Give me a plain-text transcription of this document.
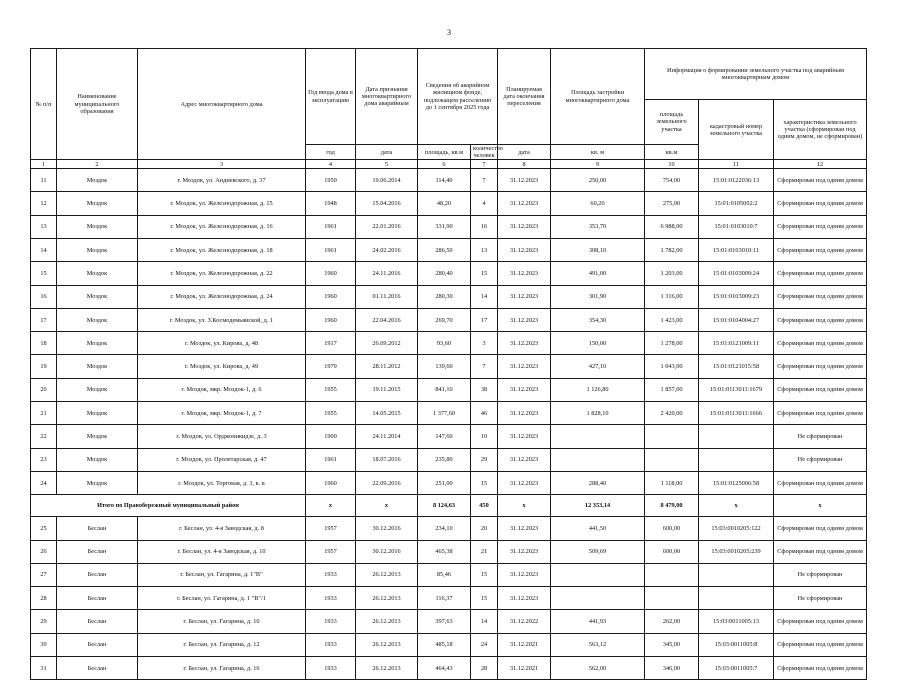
3
№ п/п	Наименование муниципального образования	Адрес многоквартирного дома	Год ввода дома в эксплуатацию	Дата признания многоквартирного дома аварийным	Сведения об аварийном жилищном фонде, подлежащем расселению до 1 сентября 2025 года		Планируемая дата окончания переселения	Площадь застройки многоквартирного дома	Информация о формировании земельного участка под аварийным многоквартирным домом		
									площадь земельного участка	кадастровый номер земельного участка	характеристика земельного участка (сформирован под одним домом, не сформирован)
			год	дата	площадь, кв.м	количество человек	дата	кв. м	кв.м		
1	2	3	4	5	6	7	8	9	10	11	12
11	Моздок	г. Моздок, ул. Андиевского, д. 37	1950	19.06.2014	114,40	7	31.12.2023	250,00	754,00	15:01:0122036:13	Сформирован под одним домом
12	Моздок	г. Моздок, ул. Железнодорожная, д. 15	1948	15.04.2016	48,20	4	31.12.2023	60,20	275,00	15:01:0105002:2	Сформирован под одним домом
13	Моздок	г. Моздок, ул. Железнодорожная, д. 16	1961	22.01.2016	331,90	16	31.12.2023	353,70	6 988,00	15:01:0103010:7	Сформирован под одним домом
14	Моздок	г. Моздок, ул. Железнодорожная, д. 18	1961	24.02.2016	286,50	13	31.12.2023	308,10	1 782,00	15:01:0103010:11	Сформирован под одним домом
15	Моздок	г. Моздок, ул. Железнодорожная, д. 22	1960	24.11.2016	280,40	15	31.12.2023	491,00	1 203,00	15:01:0103009:24	Сформирован под одним домом
16	Моздок	г. Моздок, ул. Железнодорожная, д. 24	1960	01.11.2016	280,30	14	31.12.2023	301,90	1 316,00	15:01:0103009:23	Сформирован под одним домом
17	Моздок	г. Моздок, ул. З.Космодемьянской, д. 1	1960	22.04.2016	269,70	17	31.12.2023	354,30	1 423,00	15:01:0104004:27	Сформирован под одним домом
18	Моздок	г. Моздок, ул. Кирова, д. 48	1917	26.09.2012	93,60	3	31.12.2023	150,00	1 278,00	15:01:0121009:11	Сформирован под одним домом
19	Моздок	г. Моздок, ул. Кирова, д. 49	1979	28.11.2012	139,60	7	31.12.2023	427,10	1 043,00	15:01:0121015:58	Сформирован под одним домом
20	Моздок	г. Моздок, мкр. Моздок-1, д. 6	1955	19.11.2015	841,10	38	31.12.2023	1 126,80	1 857,00	15:01:0113011:1679	Сформирован под одним домом
21	Моздок	г. Моздок, мкр. Моздок-1, д. 7	1955	14.05.2015	1 377,60	46	31.12.2023	1 828,10	2 420,00	15:01:0113011:1666	Сформирован под одним домом
22	Моздок	г. Моздок, ул. Орджоникидзе, д. 3	1900	24.11.2014	147,60	10	31.12.2023				Не сформирован
23	Моздок	г. Моздок, ул. Пролетарская, д. 47	1961	18.07.2016	235,80	29	31.12.2023				Не сформирован
24	Моздок	г. Моздок, ул. Торговая, д. 3, к. в	1960	22.09.2016	251,00	15	31.12.2023	288,40	1 118,00	15:01:0125006:58	Сформирован под одним домом
Итого по Правобережный муниципальный район			x	x	8 124,63	450	x	12 353,14	8 479,00	x	x
25	Беслан	г. Беслан, ул. 4-я Заводская, д. 8	1957	30.12.2016	234,10	20	31.12.2023	441,50	600,00	15:03:0010205:122	Сформирован под одним домом
26	Беслан	г. Беслан, ул. 4-я Заводская, д. 10	1957	30.12.2016	465,38	21	31.12.2023	509,69	600,00	15:03:0010205:239	Сформирован под одним домом
27	Беслан	г. Беслан, ул. Гагарина, д. 1"В"	1933	26.12.2013	85,46	15	31.12.2023				Не сформирован
28	Беслан	г. Беслан, ул. Гагарина, д. 1 "В"/1	1933	26.12.2013	116,37	15	31.12.2023				Не сформирован
29	Беслан	г. Беслан, ул. Гагарина, д. 10	1933	26.12.2013	397,63	14	31.12.2022	441,93	262,00	15:03:0011005:13	Сформирован под одним домом
30	Беслан	г. Беслан, ул. Гагарина, д. 12	1933	26.12.2013	485,18	24	31.12.2021	563,12	345,00	15:03:0011005:8	Сформирован под одним домом
31	Беслан	г. Беслан, ул. Гагарина, д. 16	1933	26.12.2013	464,43	28	31.12.2021	562,00	346,00	15:03:0011005:7	Сформирован под одним домом
